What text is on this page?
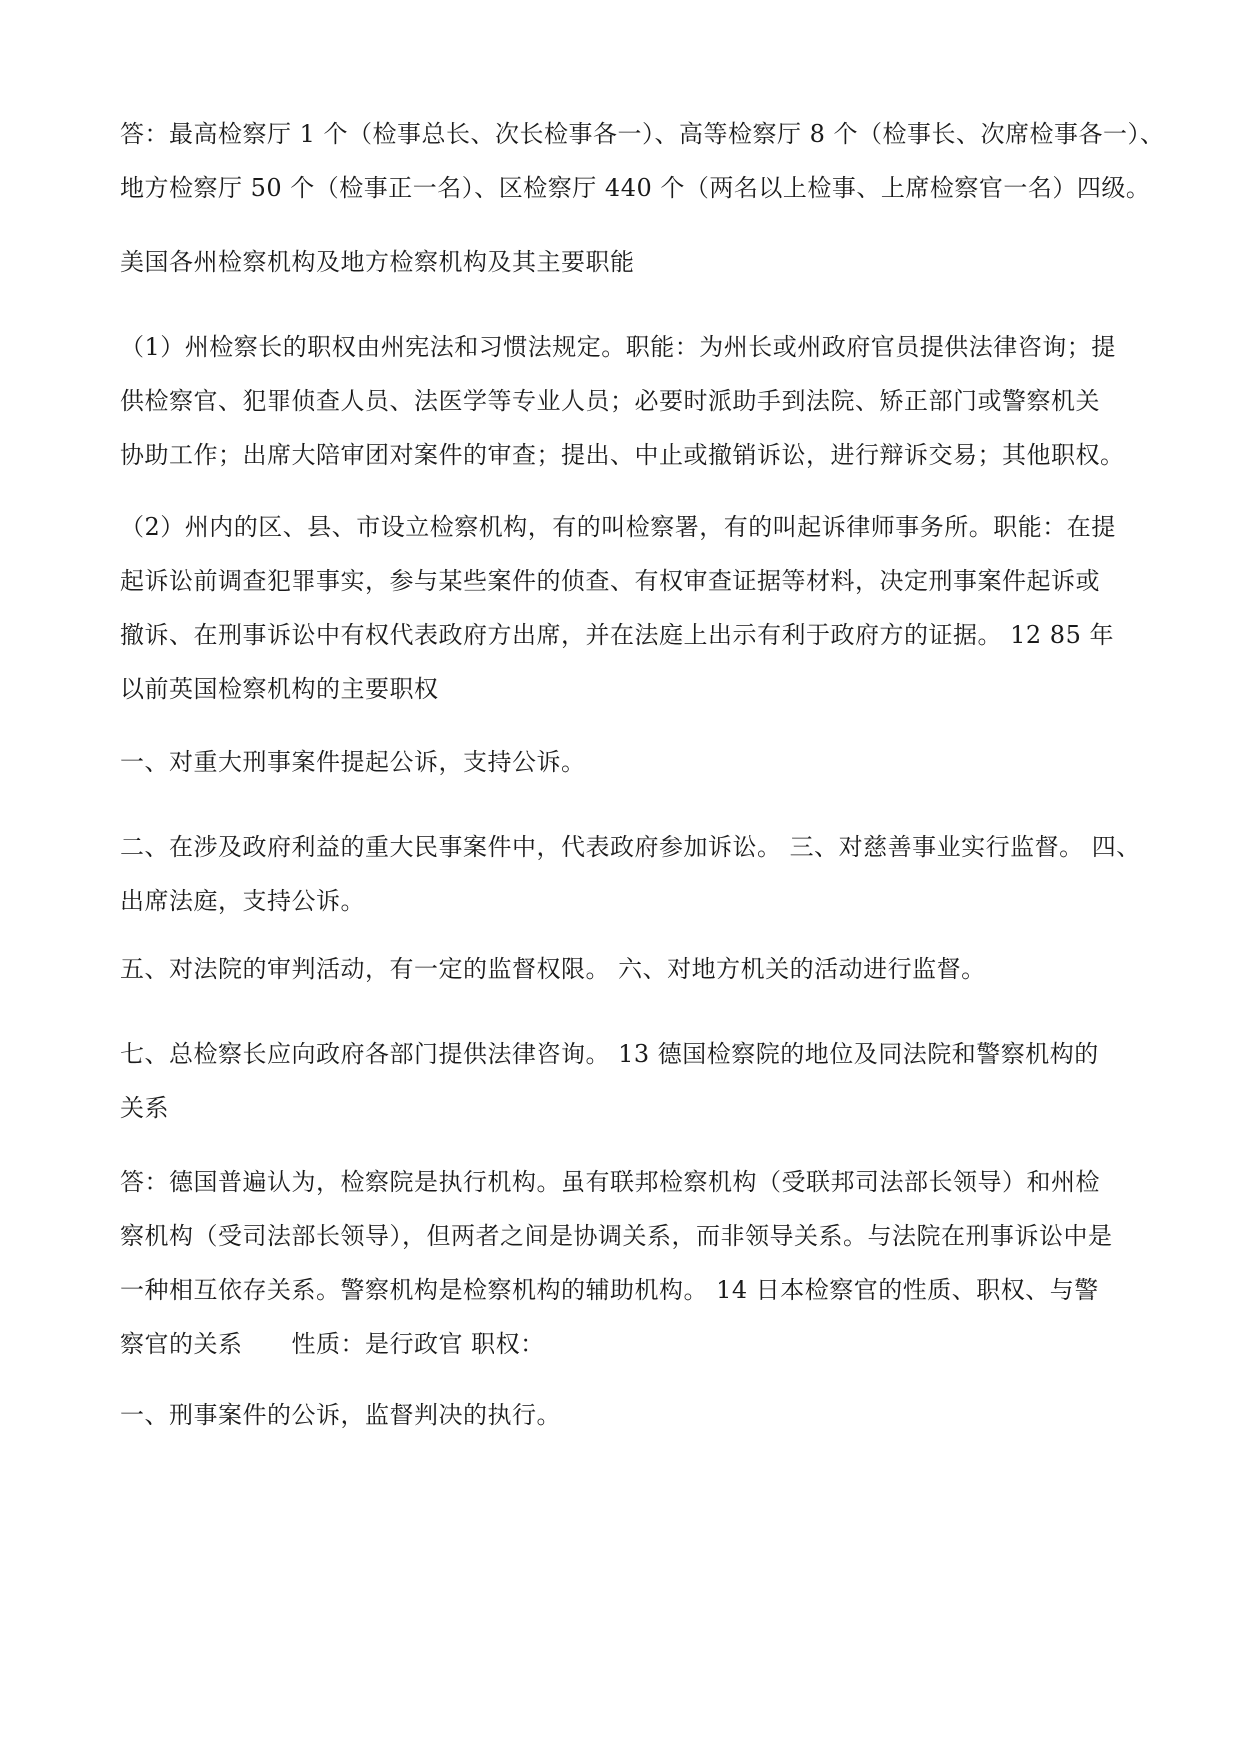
答：最高检察厅 1 个（检事总长、次长检事各一）、高等检察厅 8 个（检事长、次席检事各一）、
地方检察厅 50 个（检事正一名）、区检察厅 440 个（两名以上检事、上席检察官一名）四级。
美国各州检察机构及地方检察机构及其主要职能
（1）州检察长的职权由州宪法和习惯法规定。职能：为州长或州政府官员提供法律咨询；提
供检察官、犯罪侦查人员、法医学等专业人员；必要时派助手到法院、矫正部门或警察机关
协助工作；出席大陪审团对案件的审查；提出、中止或撤销诉讼，进行辩诉交易；其他职权。
（2）州内的区、县、市设立检察机构，有的叫检察署，有的叫起诉律师事务所。职能：在提
起诉讼前调查犯罪事实，参与某些案件的侦查、有权审查证据等材料，决定刑事案件起诉或
撤诉、在刑事诉讼中有权代表政府方出席，并在法庭上出示有利于政府方的证据。 12 85 年
以前英国检察机构的主要职权
一、对重大刑事案件提起公诉，支持公诉。
二、在涉及政府利益的重大民事案件中，代表政府参加诉讼。 三、对慈善事业实行监督。 四、
出席法庭，支持公诉。
五、对法院的审判活动，有一定的监督权限。 六、对地方机关的活动进行监督。
七、总检察长应向政府各部门提供法律咨询。 13 德国检察院的地位及同法院和警察机构的
关系
答：德国普遍认为，检察院是执行机构。虽有联邦检察机构（受联邦司法部长领导）和州检
察机构（受司法部长领导），但两者之间是协调关系，而非领导关系。与法院在刑事诉讼中是
一种相互依存关系。警察机构是检察机构的辅助机构。 14 日本检察官的性质、职权、与警
察官的关系　　性质：是行政官 职权：
一、刑事案件的公诉，监督判决的执行。
